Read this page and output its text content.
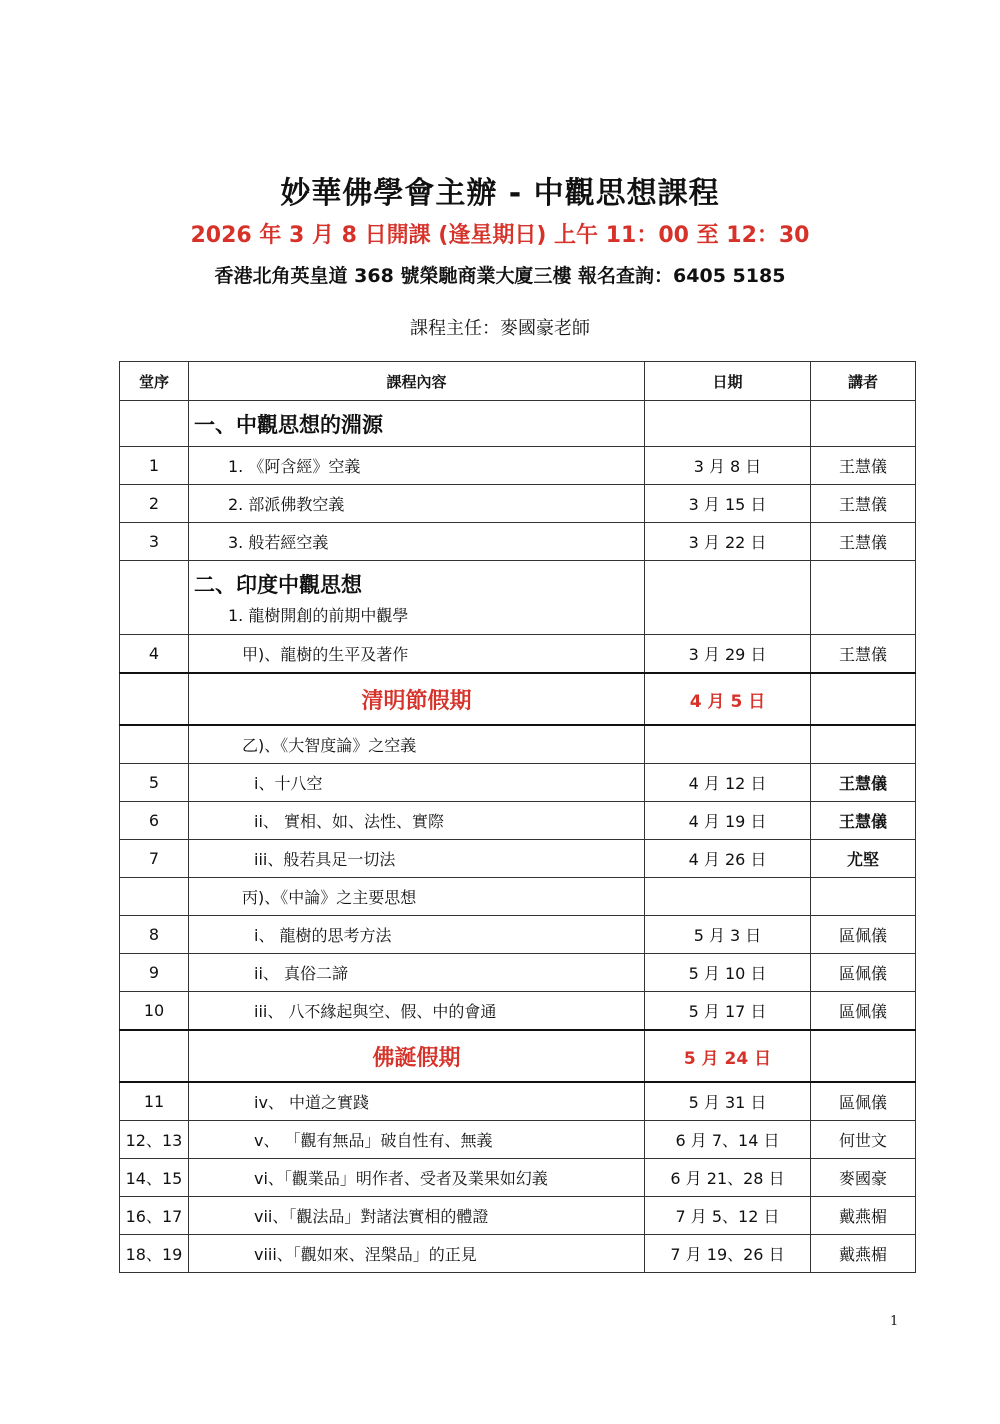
妙華佛學會主辦 - 中觀思想課程
2026 年 3 月 8 日開課 (逢星期日) 上午 11：00 至 12：30
香港北角英皇道 368 號榮馳商業大廈三樓 報名查詢：6405 5185
課程主任：麥國豪老師
堂序	課程內容	日期	講者
	一、中觀思想的淵源		
1	1. 《阿含經》空義	3 月 8 日	王慧儀
2	2. 部派佛教空義	3 月 15 日	王慧儀
3	3. 般若經空義	3 月 22 日	王慧儀

	二、印度中觀思想
1. 龍樹開創的前期中觀學		

4	甲)、龍樹的生平及著作	3 月 29 日	王慧儀
	清明節假期	4 月 5 日	
	乙)、《大智度論》之空義		
5	i、十八空	4 月 12 日	王慧儀
6	ii、 實相、如、法性、實際	4 月 19 日	王慧儀
7	iii、般若具足一切法	4 月 26 日	尤堅
	丙)、《中論》之主要思想		
8	i、 龍樹的思考方法	5 月 3 日	區佩儀
9	ii、 真俗二諦	5 月 10 日	區佩儀
10	iii、 八不緣起與空、假、中的會通	5 月 17 日	區佩儀
	佛誕假期	5 月 24 日	
11	iv、 中道之實踐	5 月 31 日	區佩儀
12、13	v、 「觀有無品」破自性有、無義	6 月 7、14 日	何世文
14、15	vi、「觀業品」明作者、受者及業果如幻義	6 月 21、28 日	麥國豪
16、17	vii、「觀法品」對諸法實相的體證	7 月 5、12 日	戴燕楣
18、19	viii、「觀如來、涅槃品」的正見	7 月 19、26 日	戴燕楣
1
